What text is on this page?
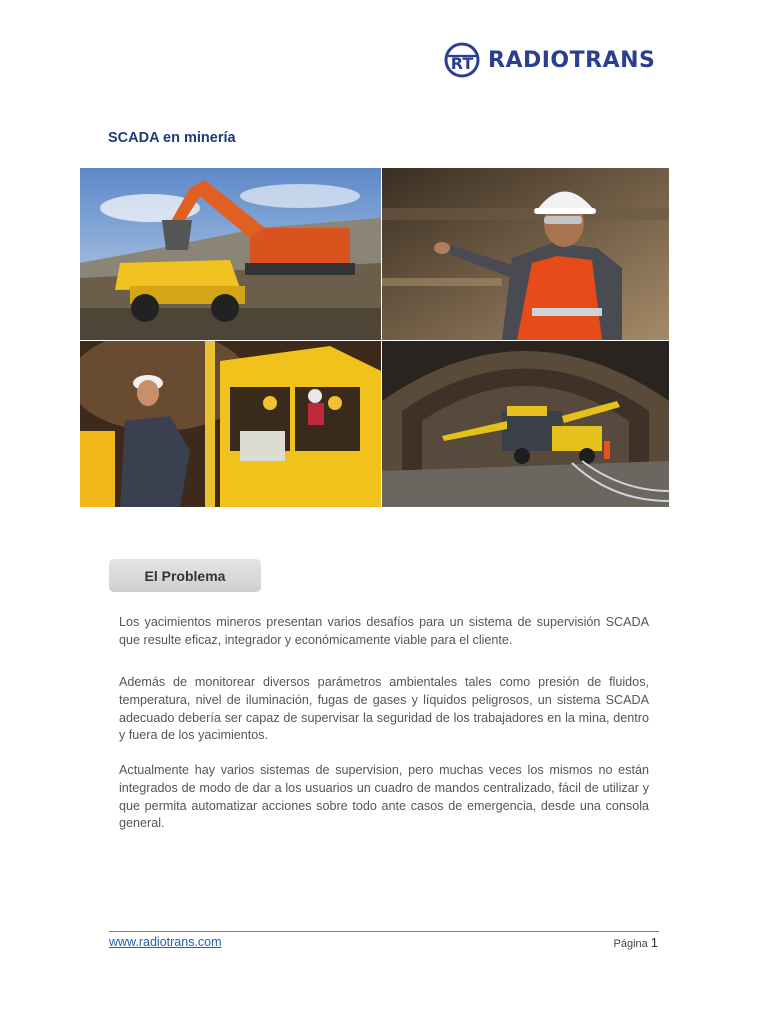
RT RADIOTRANS
SCADA en minería
El Problema

Los yacimientos mineros presentan varios desafíos para un sistema de supervisión SCADA que resulte eficaz, integrador y económicamente viable para el cliente.

Además de monitorear diversos parámetros ambientales tales como presión de fluidos, temperatura, nivel de iluminación, fugas de gases y líquidos peligrosos, un sistema SCADA adecuado debería ser capaz de supervisar la seguridad de los trabajadores en la mina, dentro y fuera de los yacimientos.

Actualmente hay varios sistemas de supervision, pero muchas veces los mismos no están integrados de modo de dar a los usuarios un cuadro de mandos centralizado, fácil de utilizar y que permita automatizar acciones sobre todo ante casos de emergencia, desde una consola general.

www.radiotrans.com	Página 1
